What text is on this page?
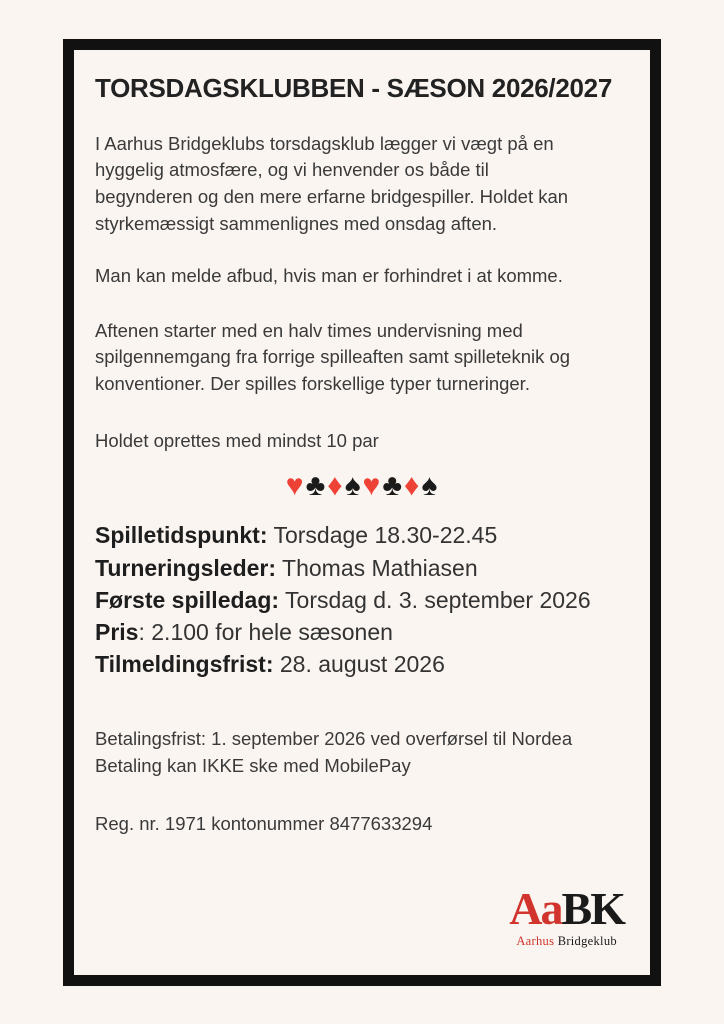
TORSDAGSKLUBBEN - SÆSON 2026/2027
I Aarhus Bridgeklubs torsdagsklub lægger vi vægt på en
hyggelig atmosfære, og vi henvender os både til
begynderen og den mere erfarne bridgespiller. Holdet kan
styrkemæssigt sammenlignes med onsdag aften.
Man kan melde afbud, hvis man er forhindret i at komme.
Aftenen starter med en halv times undervisning med
spilgennemgang fra forrige spilleaften samt spilleteknik og
konventioner. Der spilles forskellige typer turneringer.
Holdet oprettes med mindst 10 par
♥♣♦♠♥♣♦♠
Spilletidspunkt: Torsdage 18.30-22.45
Turneringsleder: Thomas Mathiasen
Første spilledag: Torsdag d. 3. september 2026
Pris: 2.100 for hele sæsonen
Tilmeldingsfrist: 28. august 2026
Betalingsfrist: 1. september 2026 ved overførsel til Nordea
Betaling kan IKKE ske med MobilePay
Reg. nr. 1971 kontonummer 8477633294
AaBK
Aarhus Bridgeklub
